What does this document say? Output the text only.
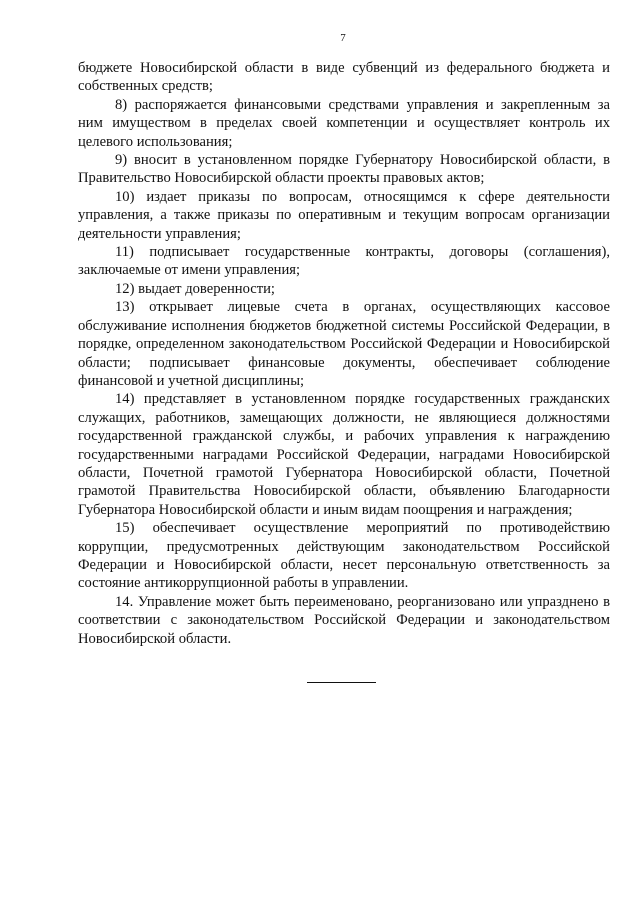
7

бюджете Новосибирской области в виде субвенций из федерального бюджета и собственных средств;

8) распоряжается финансовыми средствами управления и закрепленным за ним имуществом в пределах своей компетенции и осуществляет контроль их целевого использования;

9) вносит в установленном порядке Губернатору Новосибирской области, в Правительство Новосибирской области проекты правовых актов;

10) издает приказы по вопросам, относящимся к сфере деятельности управления, а также приказы по оперативным и текущим вопросам организации деятельности управления;

11) подписывает государственные контракты, договоры (соглашения), заключаемые от имени управления;

12) выдает доверенности;

13) открывает лицевые счета в органах, осуществляющих кассовое обслуживание исполнения бюджетов бюджетной системы Российской Федерации, в порядке, определенном законодательством Российской Федерации и Новосибирской области; подписывает финансовые документы, обеспечивает соблюдение финансовой и учетной дисциплины;

14) представляет в установленном порядке государственных гражданских служащих, работников, замещающих должности, не являющиеся должностями государственной гражданской службы, и рабочих управления к награждению государственными наградами Российской Федерации, наградами Новосибирской области, Почетной грамотой Губернатора Новосибирской области, Почетной грамотой Правительства Новосибирской области, объявлению Благодарности Губернатора Новосибирской области и иным видам поощрения и награждения;

15) обеспечивает осуществление мероприятий по противодействию коррупции, предусмотренных действующим законодательством Российской Федерации и Новосибирской области, несет персональную ответственность за состояние антикоррупционной работы в управлении.

14. Управление может быть переименовано, реорганизовано или упразднено в соответствии с законодательством Российской Федерации и законодательством Новосибирской области.
